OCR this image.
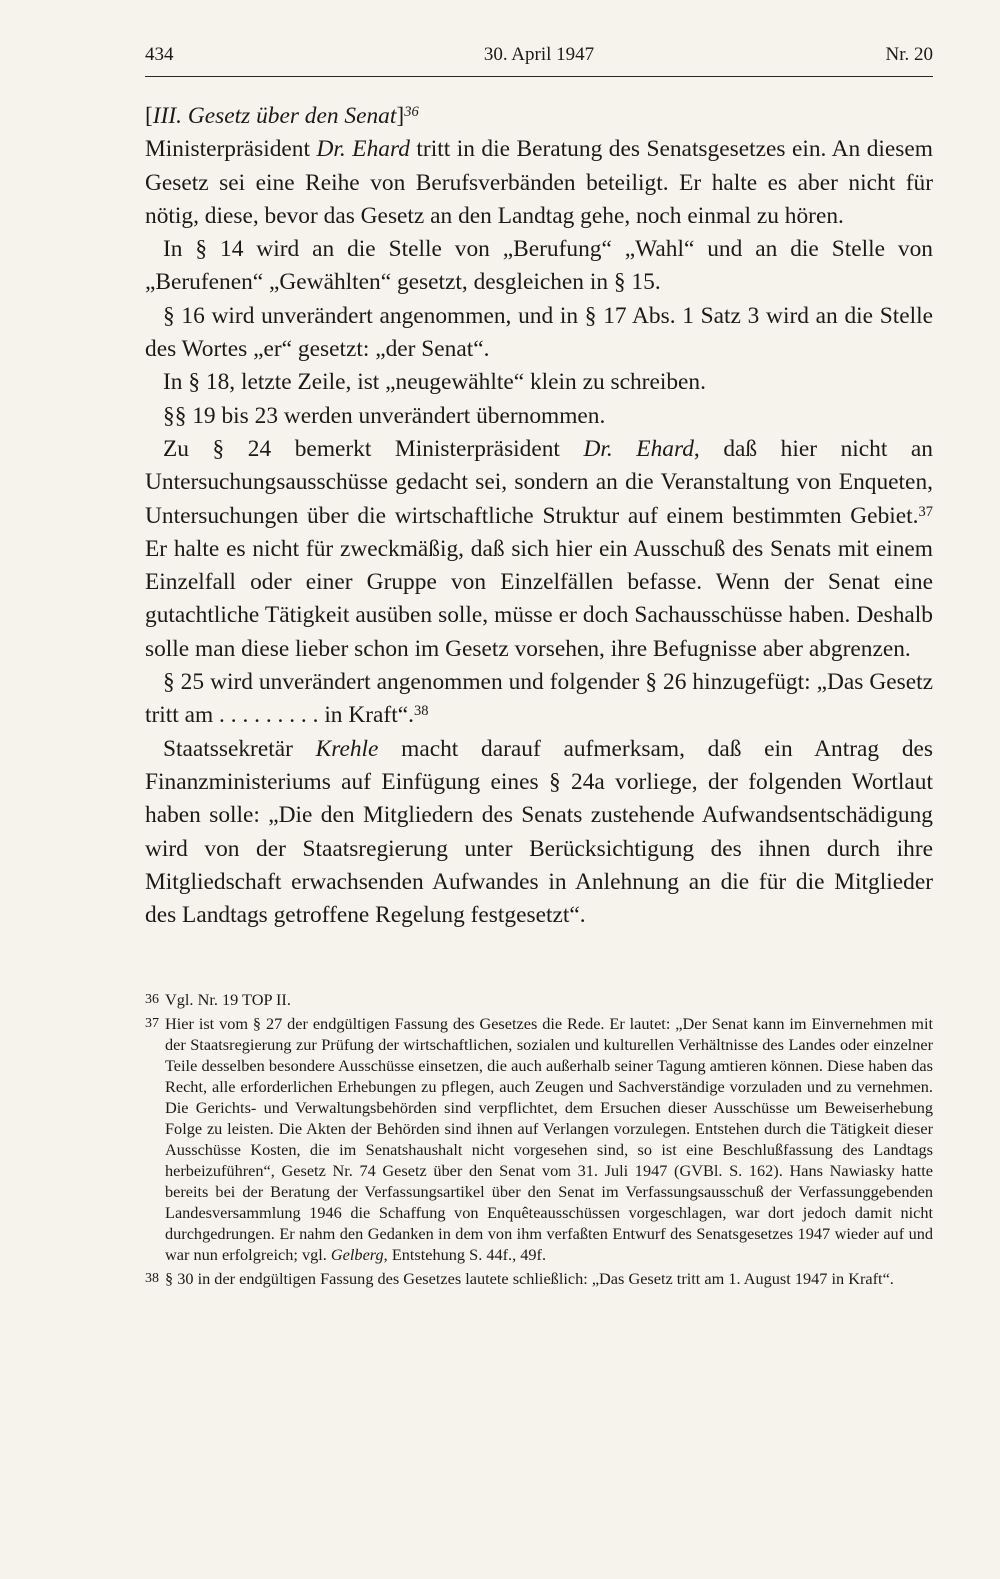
434	30. April 1947	Nr. 20

[III. Gesetz über den Senat]$^{36}$

Ministerpräsident Dr. Ehard tritt in die Beratung des Senatsgesetzes ein. An diesem Gesetz sei eine Reihe von Berufsverbänden beteiligt. Er halte es aber nicht für nötig, diese, bevor das Gesetz an den Landtag gehe, noch einmal zu hören.

In § 14 wird an die Stelle von „Berufung“ „Wahl“ und an die Stelle von „Berufenen“ „Gewählten“ gesetzt, desgleichen in § 15.

§ 16 wird unverändert angenommen, und in § 17 Abs. 1 Satz 3 wird an die Stelle des Wortes „er“ gesetzt: „der Senat“.

In § 18, letzte Zeile, ist „neugewählte“ klein zu schreiben.

§§ 19 bis 23 werden unverändert übernommen.

Zu § 24 bemerkt Ministerpräsident Dr. Ehard, daß hier nicht an Untersuchungsausschüsse gedacht sei, sondern an die Veranstaltung von Enqueten, Untersuchungen über die wirtschaftliche Struktur auf einem bestimmten Gebiet.$^{37}$ Er halte es nicht für zweckmäßig, daß sich hier ein Ausschuß des Senats mit einem Einzelfall oder einer Gruppe von Einzelfällen befasse. Wenn der Senat eine gutachtliche Tätigkeit ausüben solle, müsse er doch Sachausschüsse haben. Deshalb solle man diese lieber schon im Gesetz vorsehen, ihre Befugnisse aber abgrenzen.

§ 25 wird unverändert angenommen und folgender § 26 hinzugefügt: „Das Gesetz tritt am . . . . . . . . . in Kraft“.$^{38}$

Staatssekretär Krehle macht darauf aufmerksam, daß ein Antrag des Finanzministeriums auf Einfügung eines § 24a vorliege, der folgenden Wortlaut haben solle: „Die den Mitgliedern des Senats zustehende Aufwandsentschädigung wird von der Staatsregierung unter Berücksichtigung des ihnen durch ihre Mitgliedschaft erwachsenden Aufwandes in Anlehnung an die für die Mitglieder des Landtags getroffene Regelung festgesetzt“.

36 Vgl. Nr. 19 TOP II.
37 Hier ist vom § 27 der endgültigen Fassung des Gesetzes die Rede. Er lautet: „Der Senat kann im Einvernehmen mit der Staatsregierung zur Prüfung der wirtschaftlichen, sozialen und kulturellen Verhältnisse des Landes oder einzelner Teile desselben besondere Ausschüsse einsetzen, die auch außerhalb seiner Tagung amtieren können. Diese haben das Recht, alle erforderlichen Erhebungen zu pflegen, auch Zeugen und Sachverständige vorzuladen und zu vernehmen. Die Gerichts- und Verwaltungsbehörden sind verpflichtet, dem Ersuchen dieser Ausschüsse um Beweiserhebung Folge zu leisten. Die Akten der Behörden sind ihnen auf Verlangen vorzulegen. Entstehen durch die Tätigkeit dieser Ausschüsse Kosten, die im Senatshaushalt nicht vorgesehen sind, so ist eine Beschlußfassung des Landtags herbeizuführen“, Gesetz Nr. 74 Gesetz über den Senat vom 31. Juli 1947 (GVBl. S. 162). Hans Nawiasky hatte bereits bei der Beratung der Verfassungsartikel über den Senat im Verfassungsausschuß der Verfassunggebenden Landesversammlung 1946 die Schaffung von Enquêteausschüssen vorgeschlagen, war dort jedoch damit nicht durchgedrungen. Er nahm den Gedanken in dem von ihm verfaßten Entwurf des Senatsgesetzes 1947 wieder auf und war nun erfolgreich; vgl. Gelberg, Entstehung S. 44f., 49f.
38 § 30 in der endgültigen Fassung des Gesetzes lautete schließlich: „Das Gesetz tritt am 1. August 1947 in Kraft“.
